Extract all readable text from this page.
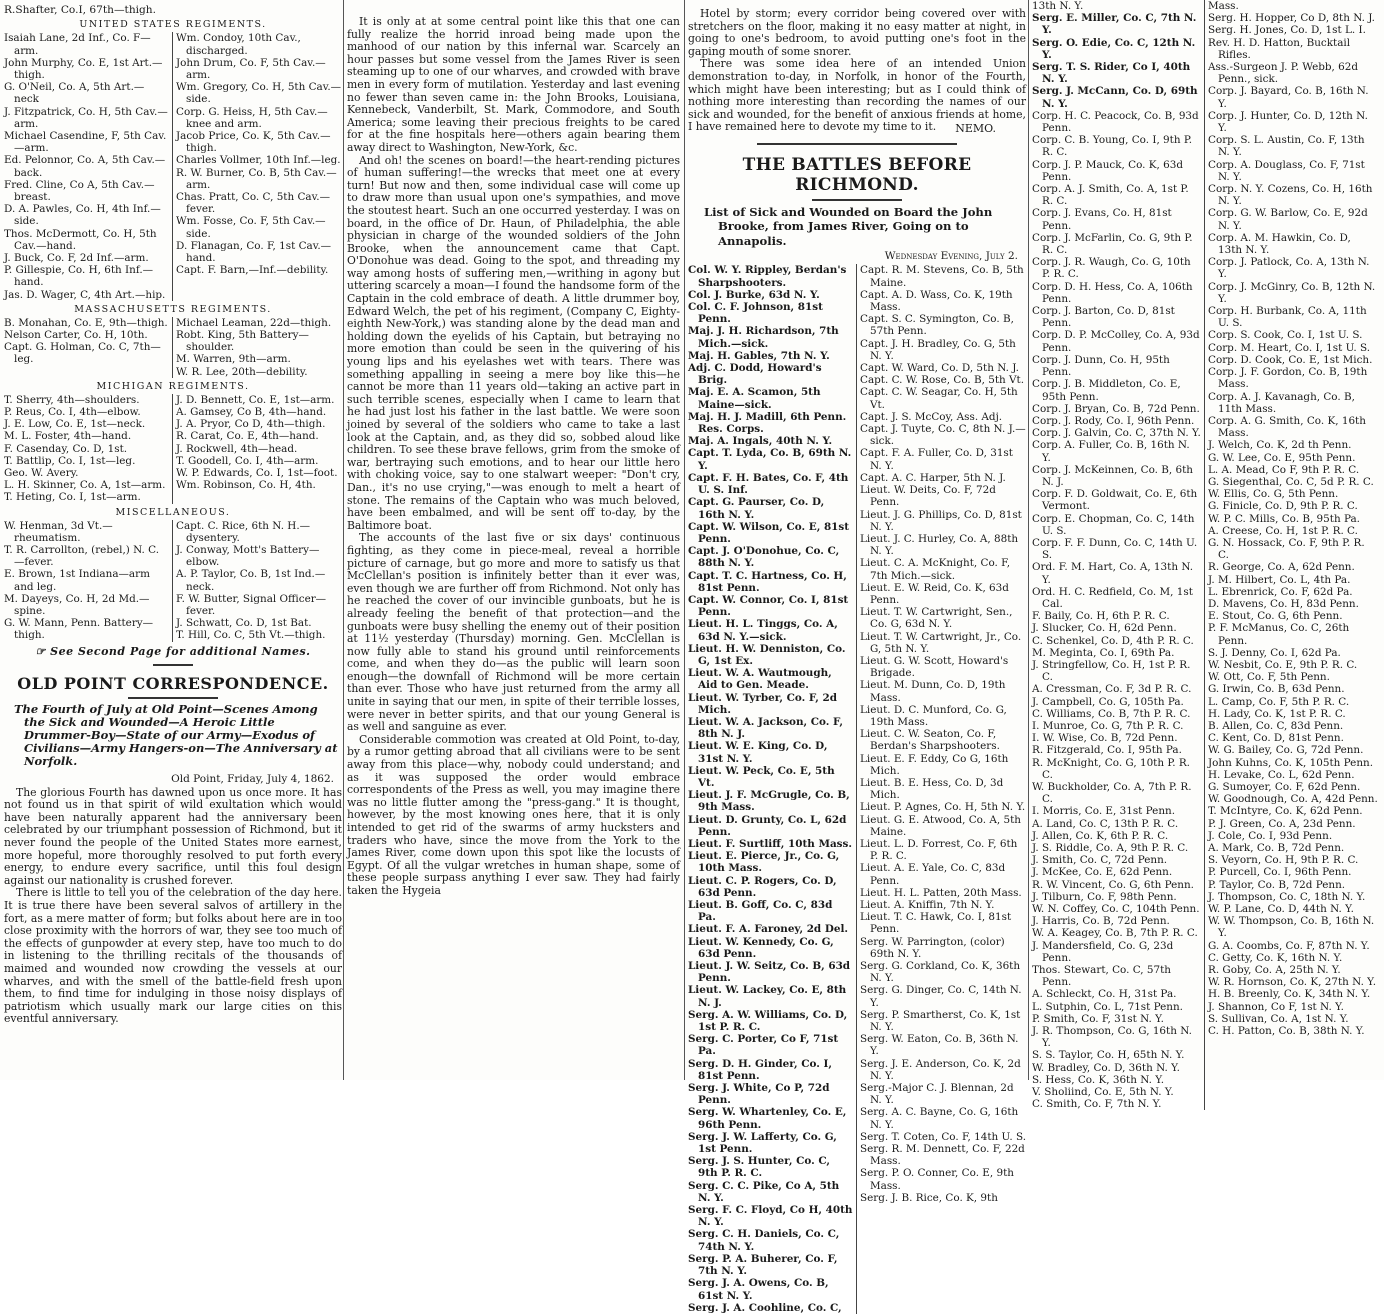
R.Shafter, Co.I, 67th—thigh.
UNITED STATES REGIMENTS.
Isaiah Lane, 2d Inf., Co. F—arm.
John Murphy, Co. E, 1st Art.—thigh.
G. O'Neil, Co. A, 5th Art.—neck
J. Fitzpatrick, Co. H, 5th Cav.—arm.
Michael Casendine, F, 5th Cav.—arm.
Ed. Pelonnor, Co. A, 5th Cav.—back.
Fred. Cline, Co A, 5th Cav.—breast.
D. A. Pawles, Co. H, 4th Inf.—side.
Thos. McDermott, Co. H, 5th Cav.—hand.
J. Buck, Co. F, 2d Inf.—arm.
P. Gillespie, Co. H, 6th Inf.—hand.
Jas. D. Wager, C, 4th Art.—hip.
Wm. Condoy, 10th Cav., discharged.
John Drum, Co. F, 5th Cav.—arm.
Wm. Gregory, Co. H, 5th Cav.—side.
Corp. G. Heiss, H, 5th Cav.—knee and arm.
Jacob Price, Co. K, 5th Cav.—thigh.
Charles Vollmer, 10th Inf.—leg.
R. W. Burner, Co. B, 5th Cav.—arm.
Chas. Pratt, Co. C, 5th Cav.—fever.
Wm. Fosse, Co. F, 5th Cav.—side.
D. Flanagan, Co. F, 1st Cav.—hand.
Capt. F. Barn,—Inf.—debility.
MASSACHUSETTS REGIMENTS.
B. Monahan, Co. E, 9th—thigh.
Nelson Carter, Co. H, 10th.
Capt. G. Holman, Co. C, 7th—leg.
Michael Leaman, 22d—thigh.
Robt. King, 5th Battery—shoulder.
M. Warren, 9th—arm.
W. R. Lee, 20th—debility.
MICHIGAN REGIMENTS.
T. Sherry, 4th—shoulders.
P. Reus, Co. I, 4th—elbow.
J. E. Low, Co. E, 1st—neck.
M. L. Foster, 4th—hand.
F. Casenday, Co. D, 1st.
T. Battlip, Co. I, 1st—leg.
Geo. W. Avery.
L. H. Skinner, Co. A, 1st—arm.
T. Heting, Co. I, 1st—arm.
J. D. Bennett, Co. E, 1st—arm.
A. Gamsey, Co B, 4th—hand.
J. A. Pryor, Co D, 4th—thigh.
R. Carat, Co. E, 4th—hand.
J. Rockwell, 4th—head.
T. Goodell, Co. I, 4th—arm.
W. P. Edwards, Co. I, 1st—foot.
Wm. Robinson, Co. H, 4th.
MISCELLANEOUS.
W. Henman, 3d Vt.—rheumatism.
T. R. Carrollton, (rebel,) N. C.—fever.
E. Brown, 1st Indiana—arm and leg.
M. Dayeys, Co. H, 2d Md.—spine.
G. W. Mann, Penn. Battery—thigh.
Capt. C. Rice, 6th N. H.—dysentery.
J. Conway, Mott's Battery—elbow.
A. P. Taylor, Co. B, 1st Ind.—neck.
F. W. Butter, Signal Officer—fever.
J. Schwatt, Co. D, 1st Bat.
T. Hill, Co. C, 5th Vt.—thigh.
☞ See Second Page for additional Names.
OLD POINT CORRESPONDENCE.
The Fourth of July at Old Point—Scenes Among the Sick and Wounded—A Heroic Little Drummer-Boy—State of our Army—Exodus of Civilians—Army Hangers-on—The Anniversary at Norfolk.
Old Point, Friday, July 4, 1862.

The glorious Fourth has dawned upon us once more. It has not found us in that spirit of wild exultation which would have been naturally apparent had the anniversary been celebrated by our triumphant possession of Richmond, but it never found the people of the United States more earnest, more hopeful, more thoroughly resolved to put forth every energy, to endure every sacrifice, until this foul design against our nationality is crushed forever.

There is little to tell you of the celebration of the day here. It is true there have been several salvos of artillery in the fort, as a mere matter of form; but folks about here are in too close proximity with the horrors of war, they see too much of the effects of gunpowder at every step, have too much to do in listening to the thrilling recitals of the thousands of maimed and wounded now crowding the vessels at our wharves, and with the smell of the battle-field fresh upon them, to find time for indulging in those noisy displays of patriotism which usually mark our large cities on this eventful anniversary.

It is only at at some central point like this that one can fully realize the horrid inroad being made upon the manhood of our nation by this infernal war. Scarcely an hour passes but some vessel from the James River is seen steaming up to one of our wharves, and crowded with brave men in every form of mutilation. Yesterday and last evening no fewer than seven came in: the John Brooks, Louisiana, Kennebeck, Vanderbilt, St. Mark, Commodore, and South America; some leaving their precious freights to be cared for at the fine hospitals here—others again bearing them away direct to Washington, New-York, &c.

And oh! the scenes on board!—the heart-rending pictures of human suffering!—the wrecks that meet one at every turn! But now and then, some individual case will come up to draw more than usual upon one's sympathies, and move the stoutest heart. Such an one occurred yesterday. I was on board, in the office of Dr. Haun, of Philadelphia, the able physician in charge of the wounded soldiers of the John Brooke, when the announcement came that Capt. O'Donohue was dead. Going to the spot, and threading my way among hosts of suffering men,—writhing in agony but uttering scarcely a moan—I found the handsome form of the Captain in the cold embrace of death. A little drummer boy, Edward Welch, the pet of his regiment, (Company C, Eighty-eighth New-York,) was standing alone by the dead man and holding down the eyelids of his Captain, but betraying no more emotion than could be seen in the quivering of his young lips and his eyelashes wet with tears. There was something appalling in seeing a mere boy like this—he cannot be more than 11 years old—taking an active part in such terrible scenes, especially when I came to learn that he had just lost his father in the last battle. We were soon joined by several of the soldiers who came to take a last look at the Captain, and, as they did so, sobbed aloud like children. To see these brave fellows, grim from the smoke of war, bertraying such emotions, and to hear our little hero with choking voice, say to one stalwart weeper: "Don't cry, Dan., it's no use crying,"—was enough to melt a heart of stone. The remains of the Captain who was much beloved, have been embalmed, and will be sent off to-day, by the Baltimore boat.

The accounts of the last five or six days' continuous fighting, as they come in piece-meal, reveal a horrible picture of carnage, but go more and more to satisfy us that McClellan's position is infinitely better than it ever was, even though we are further off from Richmond. Not only has he reached the cover of our invincible gunboats, but he is already feeling the benefit of that protection—and the gunboats were busy shelling the enemy out of their position at 11½ yesterday (Thursday) morning. Gen. McClellan is now fully able to stand his ground until reinforcements come, and when they do—as the public will learn soon enough—the downfall of Richmond will be more certain than ever. Those who have just returned from the army all unite in saying that our men, in spite of their terrible losses, were never in better spirits, and that our young General is as well and sanguine as ever.

Considerable commotion was created at Old Point, to-day, by a rumor getting abroad that all civilians were to be sent away from this place—why, nobody could understand; and as it was supposed the order would embrace correspondents of the Press as well, you may imagine there was no little flutter among the "press-gang." It is thought, however, by the most knowing ones here, that it is only intended to get rid of the swarms of army hucksters and traders who have, since the move from the York to the James River, come down upon this spot like the locusts of Egypt. Of all the vulgar wretches in human shape, some of these people surpass anything I ever saw. They had fairly taken the Hygeia

Hotel by storm; every corridor being covered over with stretchers on the floor, making it no easy matter at night, in going to one's bedroom, to avoid putting one's foot in the gaping mouth of some snorer.

There was some idea here of an intended Union demonstration to-day, in Norfolk, in honor of the Fourth, which might have been interesting; but as I could think of nothing more interesting than recording the names of our sick and wounded, for the benefit of anxious friends at home, I have remained here to devote my time to it.	NEMO.
THE BATTLES BEFORE RICHMOND.
List of Sick and Wounded on Board the John Brooke, from James River, Going on to Annapolis.
Wednesday Evening, July 2.
Col. W. Y. Rippley, Berdan's Sharpshooters.
Col. J. Burke, 63d N. Y.
Col. C. F. Johnson, 81st Penn.
Maj. J. H. Richardson, 7th Mich.—sick.
Maj. H. Gables, 7th N. Y.
Adj. C. Dodd, Howard's Brig.
Maj. E. A. Scamon, 5th Maine—sick.
Maj. H. J. Madill, 6th Penn. Res. Corps.
Maj. A. Ingals, 40th N. Y.
Capt. T. Lyda, Co. B, 69th N. Y.
Capt. F. H. Bates, Co. F, 4th U. S. Inf.
Capt. G. Paurser, Co. D, 16th N. Y.
Capt. W. Wilson, Co. E, 81st Penn.
Capt. J. O'Donohue, Co. C, 88th N. Y.
Capt. T. C. Hartness, Co. H, 81st Penn.
Capt. W. Connor, Co. I, 81st Penn.
Lieut. H. L. Tinggs, Co. A, 63d N. Y.—sick.
Lieut. H. W. Denniston, Co. G, 1st Ex.
Lieut. W. A. Wautmough, Aid to Gen. Meade.
Lieut. W. Tyrber, Co. F, 2d Mich.
Lieut. W. A. Jackson, Co. F, 8th N. J.
Lieut. W. E. King, Co. D, 31st N. Y.
Lieut. W. Peck, Co. E, 5th Vt.
Lieut. J. F. McGrugle, Co. B, 9th Mass.
Lieut. D. Grunty, Co. L, 62d Penn.
Lieut. F. Surtliff, 10th Mass.
Lieut. E. Pierce, Jr., Co. G, 10th Mass.
Lieut. C. P. Rogers, Co. D, 63d Penn.
Lieut. B. Goff, Co. C, 83d Pa.
Lieut. F. A. Faroney, 2d Del.
Lieut. W. Kennedy, Co. G, 63d Penn.
Lieut. J. W. Seitz, Co. B, 63d Penn.
Lieut. W. Lackey, Co. E, 8th N. J.
Serg. A. W. Williams, Co. D, 1st P. R. C.
Serg. C. Porter, Co F, 71st Pa.
Serg. D. H. Ginder, Co. I, 81st Penn.
Serg. J. White, Co P, 72d Penn.
Serg. W. Whartenley, Co. E, 96th Penn.
Serg. J. W. Lafferty, Co. G, 1st Penn.
Serg. J. S. Hunter, Co. C, 9th P. R. C.
Serg. C. C. Pike, Co A, 5th N. Y.
Serg. F. C. Floyd, Co H, 40th N. Y.
Serg. C. H. Daniels, Co. C, 74th N. Y.
Serg. P. A. Buherer, Co. F, 7th N. Y.
Serg. J. A. Owens, Co. B, 61st N. Y.
Serg. J. A. Coohline, Co. C,
Capt. R. M. Stevens, Co. B, 5th Maine.
Capt. A. D. Wass, Co. K, 19th Mass.
Capt. S. C. Symington, Co. B, 57th Penn.
Capt. J. H. Bradley, Co. G, 5th N. Y.
Capt. W. Ward, Co. D, 5th N. J.
Capt. C. W. Rose, Co. B, 5th Vt.
Capt. C. W. Seagar, Co. H, 5th Vt.
Capt. J. S. McCoy, Ass. Adj.
Capt. J. Tuyte, Co. C, 8th N. J.—sick.
Capt. F. A. Fuller, Co. D, 31st N. Y.
Capt. A. C. Harper, 5th N. J.
Lieut. W. Deits, Co. F, 72d Penn.
Lieut. J. G. Phillips, Co. D, 81st N. Y.
Lieut. J. C. Hurley, Co. A, 88th N. Y.
Lieut. C. A. McKnight, Co. F, 7th Mich.—sick.
Lieut. E. W. Reid, Co. K, 63d Penn.
Lieut. T. W. Cartwright, Sen., Co. G, 63d N. Y.
Lieut. T. W. Cartwright, Jr., Co. G, 5th N. Y.
Lieut. G. W. Scott, Howard's Brigade.
Lieut. M. Dunn, Co. D, 19th Mass.
Lieut. D. C. Munford, Co. G, 19th Mass.
Lieut. C. W. Seaton, Co. F, Berdan's Sharpshooters.
Lieut. E. F. Eddy, Co G, 16th Mich.
Lieut. B. E. Hess, Co. D, 3d Mich.
Lieut. P. Agnes, Co. H, 5th N. Y.
Lieut. G. E. Atwood, Co. A, 5th Maine.
Lieut. L. D. Forrest, Co. F, 6th P. R. C.
Lieut. A. E. Yale, Co. C, 83d Penn.
Lieut. H. L. Patten, 20th Mass.
Lieut. A. Kniffin, 7th N. Y.
Lieut. T. C. Hawk, Co. I, 81st Penn.
Serg. W. Parrington, (color) 69th N. Y.
Serg. G. Corkland, Co. K, 36th N. Y.
Serg. G. Dinger, Co. C, 14th N. Y.
Serg. P. Smartherst, Co. K, 1st N. Y.
Serg. W. Eaton, Co. B, 36th N. Y.
Serg. J. E. Anderson, Co. K, 2d N. Y.
Serg.-Major C. J. Blennan, 2d N. Y.
Serg. A. C. Bayne, Co. G, 16th N. Y.
Serg. T. Coten, Co. F, 14th U. S.
Serg. R. M. Dennett, Co. F, 22d Mass.
Serg. P. O. Conner, Co. E, 9th Mass.
Serg. J. B. Rice, Co. K, 9th
13th N. Y.
Serg. E. Miller, Co. C, 7th N. Y.
Serg. O. Edie, Co. C, 12th N. Y.
Serg. T. S. Rider, Co I, 40th N. Y.
Serg. J. McCann, Co. D, 69th N. Y.
Corp. H. C. Peacock, Co. B, 93d Penn.
Corp. C. B. Young, Co. I, 9th P. R. C.
Corp. J. P. Mauck, Co. K, 63d Penn.
Corp. A. J. Smith, Co. A, 1st P. R. C.
Corp. J. Evans, Co. H, 81st Penn.
Corp. J. McFarlin, Co. G, 9th P. R. C.
Corp. J. R. Waugh, Co. G, 10th P. R. C.
Corp. D. H. Hess, Co. A, 106th Penn.
Corp. J. Barton, Co. D, 81st Penn.
Corp. D. P. McColley, Co. A, 93d Penn.
Corp. J. Dunn, Co. H, 95th Penn.
Corp. J. B. Middleton, Co. E, 95th Penn.
Corp. J. Bryan, Co. B, 72d Penn.
Corp. J. Rody, Co. I, 96th Penn.
Corp. J. Galvin, Co. C, 37th N. Y.
Corp. A. Fuller, Co. B, 16th N. Y.
Corp. J. McKeinnen, Co. B, 6th N. J.
Corp. F. D. Goldwait, Co. E, 6th Vermont.
Corp. E. Chopman, Co. C, 14th U. S.
Corp. F. F. Dunn, Co. C, 14th U. S.
Ord. F. M. Hart, Co. A, 13th N. Y.
Ord. H. C. Redfield, Co. M, 1st Cal.
F. Baily, Co. H, 6th P. R. C.
J. Slucker, Co. H, 62d Penn.
C. Schenkel, Co. D, 4th P. R. C.
M. Meginta, Co. I, 69th Pa.
J. Stringfellow, Co. H, 1st P. R. C.
A. Cressman, Co. F, 3d P. R. C.
J. Campbell, Co. G, 105th Pa.
C. Williams, Co. B, 7th P. R. C.
I. Munroe, Co. G, 7th P. R. C.
I. W. Wise, Co. B, 72d Penn.
R. Fitzgerald, Co. I, 95th Pa.
R. McKnight, Co. G, 10th P. R. C.
W. Buckholder, Co. A, 7th P. R. C.
I. Morris, Co. E, 31st Penn.
A. Land, Co. C, 13th P. R. C.
J. Allen, Co. K, 6th P. R. C.
J. S. Riddle, Co. A, 9th P. R. C.
J. Smith, Co. C, 72d Penn.
J. McKee, Co. E, 62d Penn.
R. W. Vincent, Co. G, 6th Penn.
J. Tilburn, Co. F, 98th Penn.
W. N. Coffey, Co. C, 104th Penn.
J. Harris, Co. B, 72d Penn.
W. A. Keagey, Co. B, 7th P. R. C.
J. Mandersfield, Co. G, 23d Penn.
Thos. Stewart, Co. C, 57th Penn.
A. Schleckt, Co. H, 31st Pa.
L. Sutphin, Co. L, 71st Penn.
P. Smith, Co. F, 31st N. Y.
J. R. Thompson, Co. G, 16th N. Y.
S. S. Taylor, Co. H, 65th N. Y.
W. Bradley, Co. D, 36th N. Y.
S. Hess, Co. K, 36th N. Y.
V. Sholiind, Co. E, 5th N. Y.
C. Smith, Co. F, 7th N. Y.
Mass.
Serg. H. Hopper, Co D, 8th N. J.
Serg. H. Jones, Co. D, 1st L. I.
Rev. H. D. Hatton, Bucktail Rifles.
Ass.-Surgeon J. P. Webb, 62d Penn., sick.
Corp. J. Bayard, Co. B, 16th N. Y.
Corp. J. Hunter, Co. D, 12th N. Y.
Corp. S. L. Austin, Co. F, 13th N. Y.
Corp. A. Douglass, Co. F, 71st N. Y.
Corp. N. Y. Cozens, Co. H, 16th N. Y.
Corp. G. W. Barlow, Co. E, 92d N. Y.
Corp. A. M. Hawkin, Co. D, 13th N. Y.
Corp. J. Patlock, Co. A, 13th N. Y.
Corp. J. McGinry, Co. B, 12th N. Y.
Corp. H. Burbank, Co. A, 11th U. S.
Corp. S. Cook, Co. I, 1st U. S.
Corp. M. Heart, Co. I, 1st U. S.
Corp. D. Cook, Co. E, 1st Mich.
Corp. J. F. Gordon, Co. B, 19th Mass.
Corp. A. J. Kavanagh, Co. B, 11th Mass.
Corp. A. G. Smith, Co. K, 16th Mass.
J. Welch, Co. K, 2d th Penn.
G. W. Lee, Co. E, 95th Penn.
L. A. Mead, Co F, 9th P. R. C.
G. Siegenthal, Co. C, 5d P. R. C.
W. Ellis, Co. G, 5th Penn.
G. Finicle, Co. D, 9th P. R. C.
W. P. C. Mills, Co. B, 95th Pa.
A. Creese, Co. H, 1st P. R. C.
G. N. Hossack, Co. F, 9th P. R. C.
R. George, Co. A, 62d Penn.
J. M. Hilbert, Co. L, 4th Pa.
L. Ebrenrick, Co. F, 62d Pa.
D. Mavens, Co. H, 83d Penn.
E. Stout, Co. G, 6th Penn.
P. F. McManus, Co. C, 26th Penn.
S. J. Denny, Co. I, 62d Pa.
W. Nesbit, Co. E, 9th P. R. C.
W. Ott, Co. F, 5th Penn.
G. Irwin, Co. B, 63d Penn.
L. Camp, Co. F, 5th P. R. C.
H. Lady, Co. K, 1st P. R. C.
B. Allen, Co. C, 83d Penn.
C. Kent, Co. D, 81st Penn.
W. G. Bailey, Co. G, 72d Penn.
John Kuhns, Co. K, 105th Penn.
H. Levake, Co. L, 62d Penn.
G. Sumoyer, Co. F, 62d Penn.
W. Goodnough, Co. A, 42d Penn.
T. McIntyre, Co. K, 62d Penn.
P. J. Green, Co. A, 23d Penn.
J. Cole, Co. I, 93d Penn.
A. Mark, Co. B, 72d Penn.
S. Veyorn, Co. H, 9th P. R. C.
P. Purcell, Co. I, 96th Penn.
P. Taylor, Co. B, 72d Penn.
J. Thompson, Co. C, 18th N. Y.
W. P. Lane, Co. D, 44th N. Y.
W. W. Thompson, Co. B, 16th N. Y.
G. A. Coombs, Co. F, 87th N. Y.
C. Getty, Co. K, 16th N. Y.
R. Goby, Co. A, 25th N. Y.
W. R. Hornson, Co. K, 27th N. Y.
H. B. Breenly, Co. K, 34th N. Y.
J. Shannon, Co F, 1st N. Y.
S. Sullivan, Co. A, 1st N. Y.
C. H. Patton, Co. B, 38th N. Y.
